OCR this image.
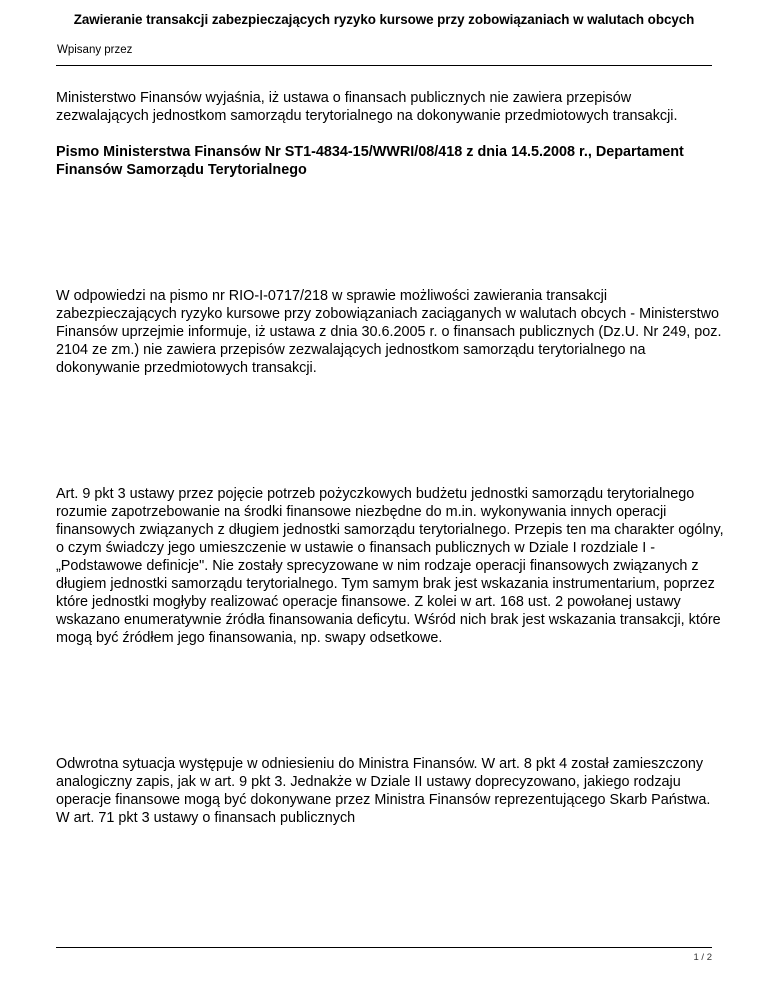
Zawieranie transakcji zabezpieczających ryzyko kursowe przy zobowiązaniach w walutach obcych
Wpisany przez

Ministerstwo Finansów wyjaśnia, iż ustawa o finansach publicznych nie zawiera przepisów zezwalających jednostkom samorządu terytorialnego na dokonywanie przedmiotowych transakcji.

Pismo Ministerstwa Finansów Nr ST1-4834-15/WWRI/08/418 z dnia 14.5.2008 r., Departament Finansów Samorządu Terytorialnego

W odpowiedzi na pismo nr RIO-I-0717/218 w sprawie możliwości zawierania transakcji zabezpieczających ryzyko kursowe przy zobowiązaniach zaciąganych w walutach obcych - Ministerstwo Finansów uprzejmie informuje, iż ustawa z dnia 30.6.2005 r. o finansach publicznych (Dz.U. Nr 249, poz. 2104 ze zm.) nie zawiera przepisów zezwalających jednostkom samorządu terytorialnego na dokonywanie przedmiotowych transakcji.

Art. 9 pkt 3 ustawy przez pojęcie potrzeb pożyczkowych budżetu jednostki samorządu terytorialnego rozumie zapotrzebowanie na środki finansowe niezbędne do m.in. wykonywania innych operacji finansowych związanych z długiem jednostki samorządu terytorialnego. Przepis ten ma charakter ogólny, o czym świadczy jego umieszczenie w ustawie o finansach publicznych w Dziale I rozdziale I - „Podstawowe definicje". Nie zostały sprecyzowane w nim rodzaje operacji finansowych związanych z długiem jednostki samorządu terytorialnego. Tym samym brak jest wskazania instrumentarium, poprzez które jednostki mogłyby realizować operacje finansowe. Z kolei w art. 168 ust. 2 powołanej ustawy wskazano enumeratywnie źródła finansowania deficytu. Wśród nich brak jest wskazania transakcji, które mogą być źródłem jego finansowania, np. swapy odsetkowe.

Odwrotna sytuacja występuje w odniesieniu do Ministra Finansów. W art. 8 pkt 4 został zamieszczony analogiczny zapis, jak w art. 9 pkt 3. Jednakże w Dziale II ustawy doprecyzowano, jakiego rodzaju operacje finansowe mogą być dokonywane przez Ministra Finansów reprezentującego Skarb Państwa. W art. 71 pkt 3 ustawy o finansach publicznych

1 / 2
